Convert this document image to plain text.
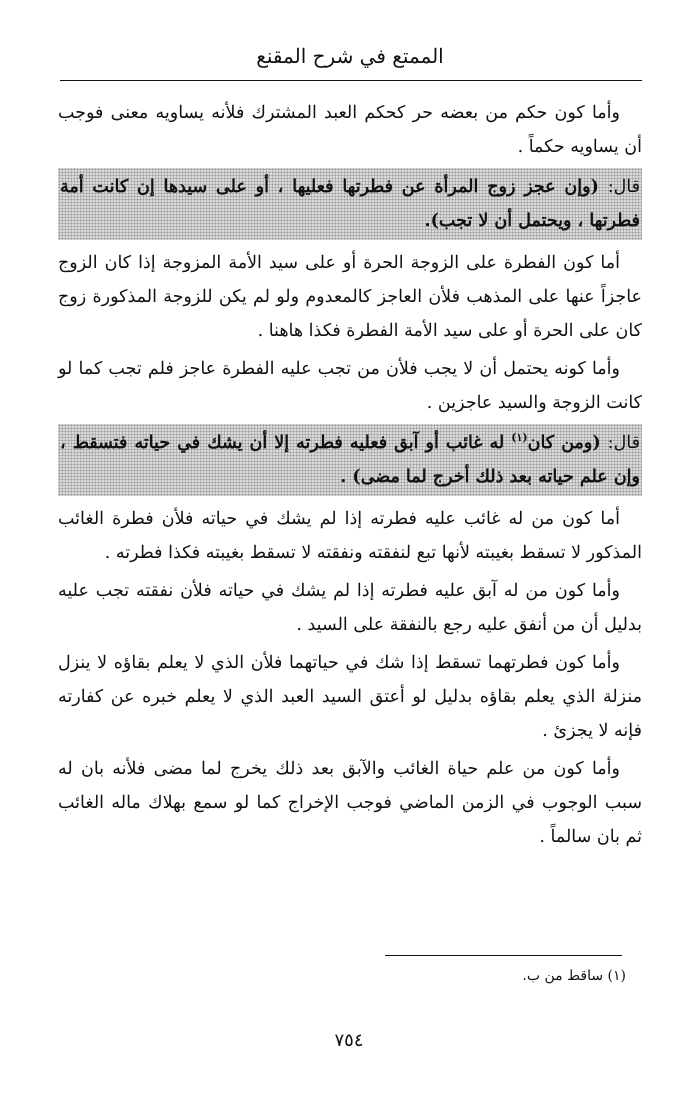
الممتع في شرح المقنع

وأما كون حكم من بعضه حر كحكم العبد المشترك فلأنه يساويه معنى فوجب أن يساويه حكماً .

قال: (وإن عجز زوج المرأة عن فطرتها فعليها ، أو على سيدها إن كانت أمة فطرتها ، ويحتمل أن لا تجب).

أما كون الفطرة على الزوجة الحرة أو على سيد الأمة المزوجة إذا كان الزوج عاجزاً عنها على المذهب فلأن العاجز كالمعدوم ولو لم يكن للزوجة المذكورة زوج كان على الحرة أو على سيد الأمة الفطرة فكذا هاهنا .

وأما كونه يحتمل أن لا يجب فلأن من تجب عليه الفطرة عاجز فلم تجب كما لو كانت الزوجة والسيد عاجزين .

قال: (ومن كان$^{(١)}$ له غائب أو آبق فعليه فطرته إلا أن يشك في حياته فتسقط ، وإن علم حياته بعد ذلك أخرج لما مضى) .

أما كون من له غائب عليه فطرته إذا لم يشك في حياته فلأن فطرة الغائب المذكور لا تسقط بغيبته لأنها تبع لنفقته ونفقته لا تسقط بغيبته فكذا فطرته .

وأما كون من له آبق عليه فطرته إذا لم يشك في حياته فلأن نفقته تجب عليه بدليل أن من أنفق عليه رجع بالنفقة على السيد .

وأما كون فطرتهما تسقط إذا شك في حياتهما فلأن الذي لا يعلم بقاؤه لا ينزل منزلة الذي يعلم بقاؤه بدليل لو أعتق السيد العبد الذي لا يعلم خبره عن كفارته فإنه لا يجزئ .

وأما كون من علم حياة الغائب والآبق بعد ذلك يخرج لما مضى فلأنه بان له سبب الوجوب في الزمن الماضي فوجب الإخراج كما لو سمع بهلاك ماله الغائب ثم بان سالماً .

(١) ساقط من ب.
٧٥٤
